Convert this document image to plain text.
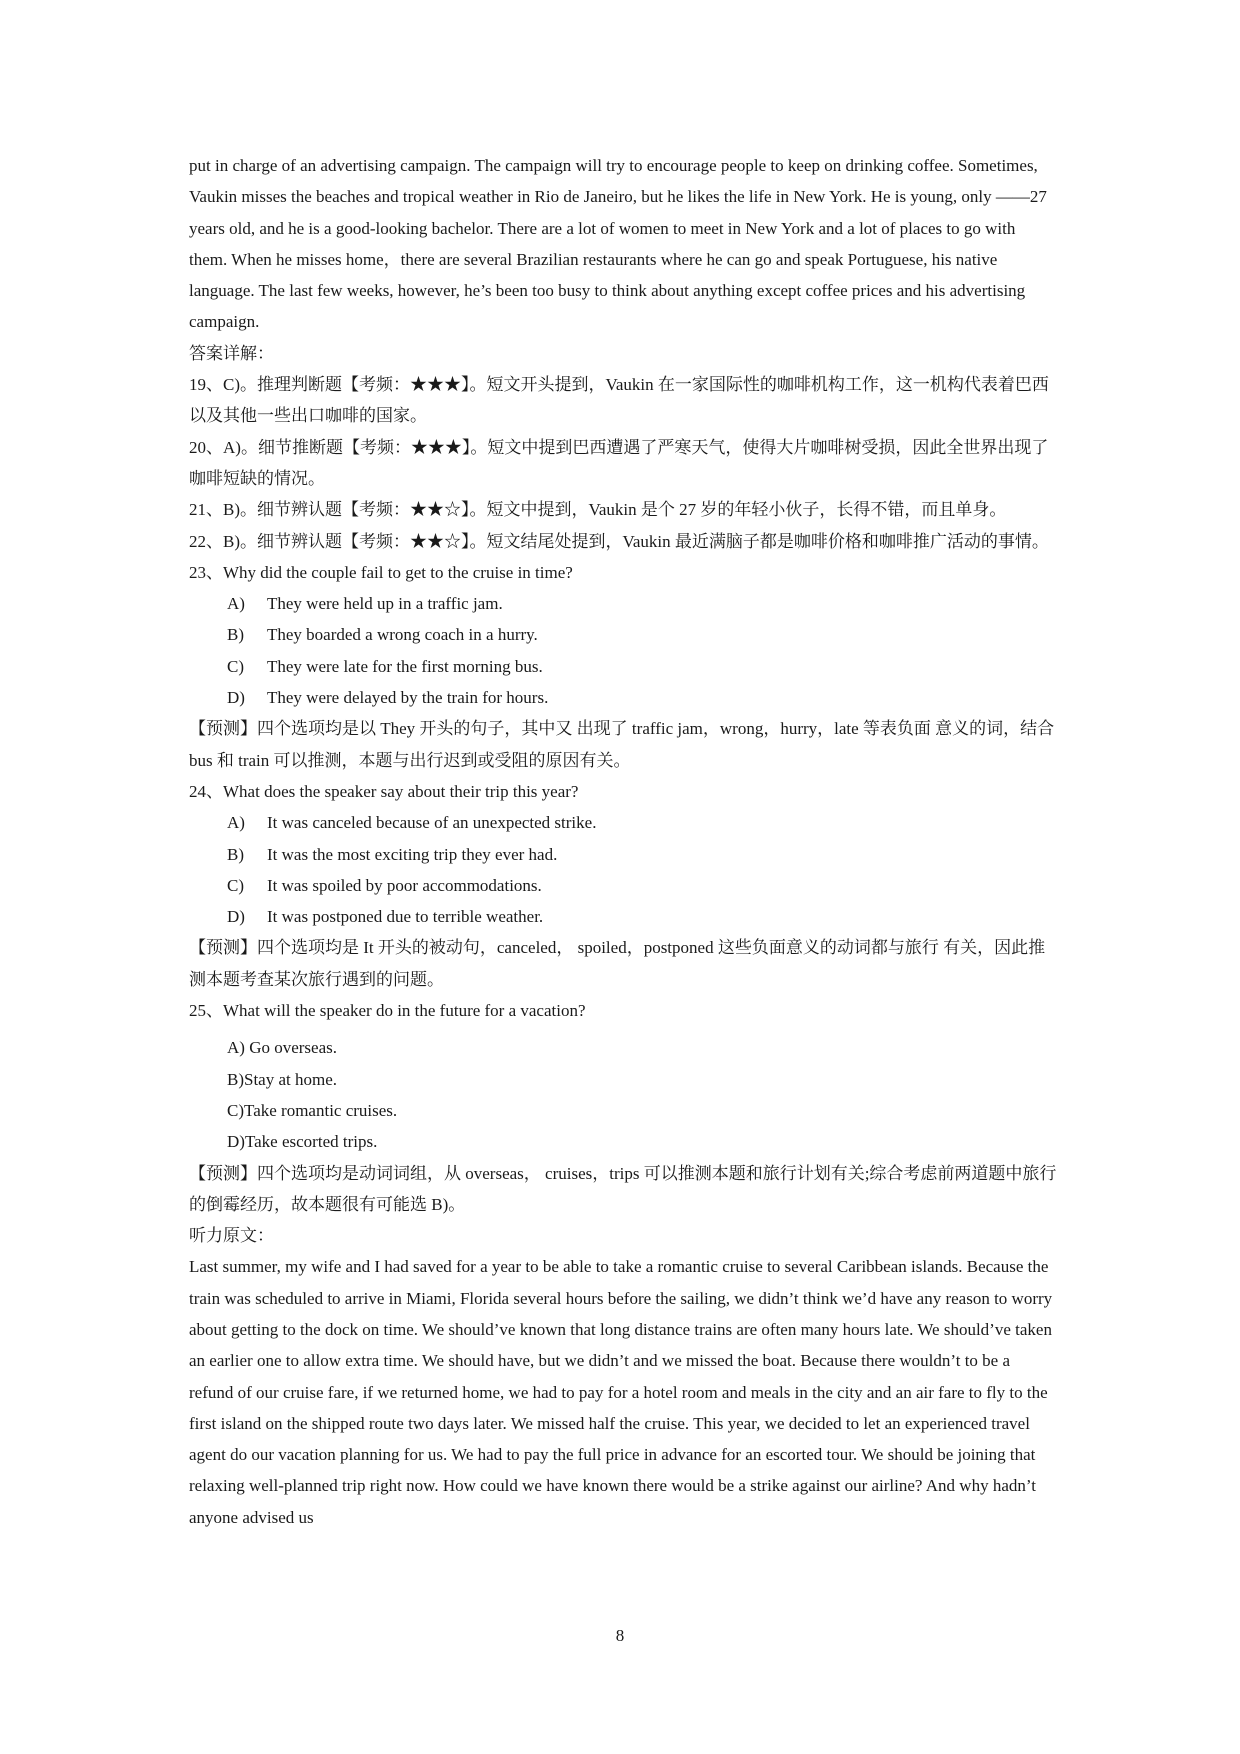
put in charge of an advertising campaign. The campaign will try to encourage people to keep on drinking coffee. Sometimes, Vaukin misses the beaches and tropical weather in Rio de Janeiro, but he likes the life in New York. He is young, only ——27 years old, and he is a good-looking bachelor. There are a lot of women to meet in New York and a lot of places to go with them. When he misses home，there are several Brazilian restaurants where he can go and speak Portuguese, his native language. The last few weeks, however, he’s been too busy to think about anything except coffee prices and his advertising campaign.

答案详解：

19、C)。推理判断题【考频：★★★】。短文开头提到，Vaukin 在一家国际性的咖啡机构工作，这一机构代表着巴西以及其他一些出口咖啡的国家。

20、A)。细节推断题【考频：★★★】。短文中提到巴西遭遇了严寒天气，使得大片咖啡树受损，因此全世界出现了咖啡短缺的情况。

21、B)。细节辨认题【考频：★★☆】。短文中提到，Vaukin 是个 27 岁的年轻小伙子，长得不错，而且单身。

22、B)。细节辨认题【考频：★★☆】。短文结尾处提到，Vaukin 最近满脑子都是咖啡价格和咖啡推广活动的事情。

23、Why did the couple fail to get to the cruise in time?

A)	They were held up in a traffic jam.
B)	They boarded a wrong coach in a hurry.
C)	They were late for the first morning bus.
D)	They were delayed by the train for hours.

【预测】四个选项均是以 They 开头的句子，其中又 出现了 traffic jam，wrong，hurry，late 等表负面 意义的词，结合 bus 和 train 可以推测，本题与出行迟到或受阻的原因有关。

24、What does the speaker say about their trip this year?

A)	It was canceled because of an unexpected strike.
B)	It was the most exciting trip they ever had.
C)	It was spoiled by poor accommodations.
D)	It was postponed due to terrible weather.

【预测】四个选项均是 It 开头的被动句，canceled， spoiled，postponed 这些负面意义的动词都与旅行 有关，因此推测本题考查某次旅行遇到的问题。

25、What will the speaker do in the future for a vacation?

A) Go overseas.

B)Stay at home.

C)Take romantic cruises.

D)Take escorted trips.

【预测】四个选项均是动词词组，从 overseas， cruises，trips 可以推测本题和旅行计划有关;综合考虑前两道题中旅行的倒霉经历，故本题很有可能选 B)。

听力原文：

Last summer, my wife and I had saved for a year to be able to take a romantic cruise to several Caribbean islands. Because the train was scheduled to arrive in Miami, Florida several hours before the sailing, we didn’t think we’d have any reason to worry about getting to the dock on time. We should’ve known that long distance trains are often many hours late. We should’ve taken an earlier one to allow extra time. We should have, but we didn’t and we missed the boat. Because there wouldn’t to be a refund of our cruise fare, if we returned home, we had to pay for a hotel room and meals in the city and an air fare to fly to the first island on the shipped route two days later. We missed half the cruise. This year, we decided to let an experienced travel agent do our vacation planning for us. We had to pay the full price in advance for an escorted tour. We should be joining that relaxing well-planned trip right now. How could we have known there would be a strike against our airline? And why hadn’t anyone advised us

8
